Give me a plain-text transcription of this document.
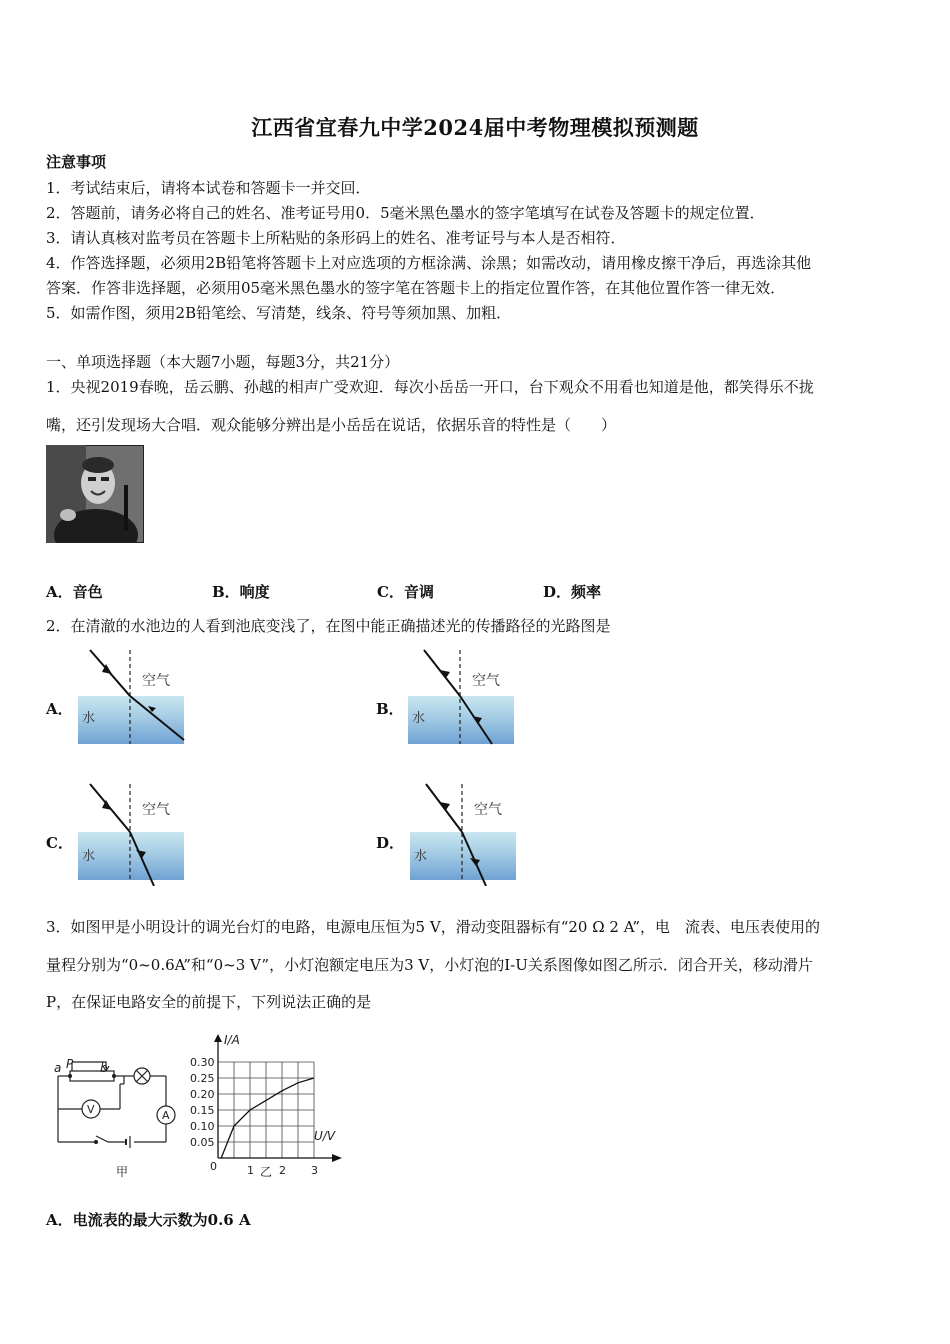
江西省宜春九中学2024届中考物理模拟预测题
注意事项
1．考试结束后，请将本试卷和答题卡一并交回．
2．答题前，请务必将自己的姓名、准考证号用0．5毫米黑色墨水的签字笔填写在试卷及答题卡的规定位置．
3．请认真核对监考员在答题卡上所粘贴的条形码上的姓名、准考证号与本人是否相符．
4．作答选择题，必须用2B铅笔将答题卡上对应选项的方框涂满、涂黑；如需改动，请用橡皮擦干净后，再选涂其他
答案．作答非选择题，必须用05毫米黑色墨水的签字笔在答题卡上的指定位置作答，在其他位置作答一律无效．
5．如需作图，须用2B铅笔绘、写清楚，线条、符号等须加黑、加粗．
一、单项选择题（本大题7小题，每题3分，共21分）
1．央视2019春晚，岳云鹏、孙越的相声广受欢迎．每次小岳岳一开口，台下观众不用看也知道是他，都笑得乐不拢
嘴，还引发现场大合唱．观众能够分辨出是小岳岳在说话，依据乐音的特性是（　　）
A．音色	B．响度	C．音调	D．频率
2．在清澈的水池边的人看到池底变浅了，在图中能正确描述光的传播路径的光路图是
A．
空气
水
B．
空气
水
C．
空气
水
D．
空气
水
3．如图甲是小明设计的调光台灯的电路，电源电压恒为5 V，滑动变阻器标有“20 Ω 2 A”，电　流表、电压表使用的
量程分别为“0~0.6A”和“0~3 V”，小灯泡额定电压为3 V，小灯泡的I-U关系图像如图乙所示．闭合开关，移动滑片
P，在保证电路安全的前提下，下列说法正确的是
a P b
V	A
甲
I/A
U/V
0.30
0.25
0.20
0.15
0.10
0.05
0	1 2 3
乙
A．电流表的最大示数为0.6 A
